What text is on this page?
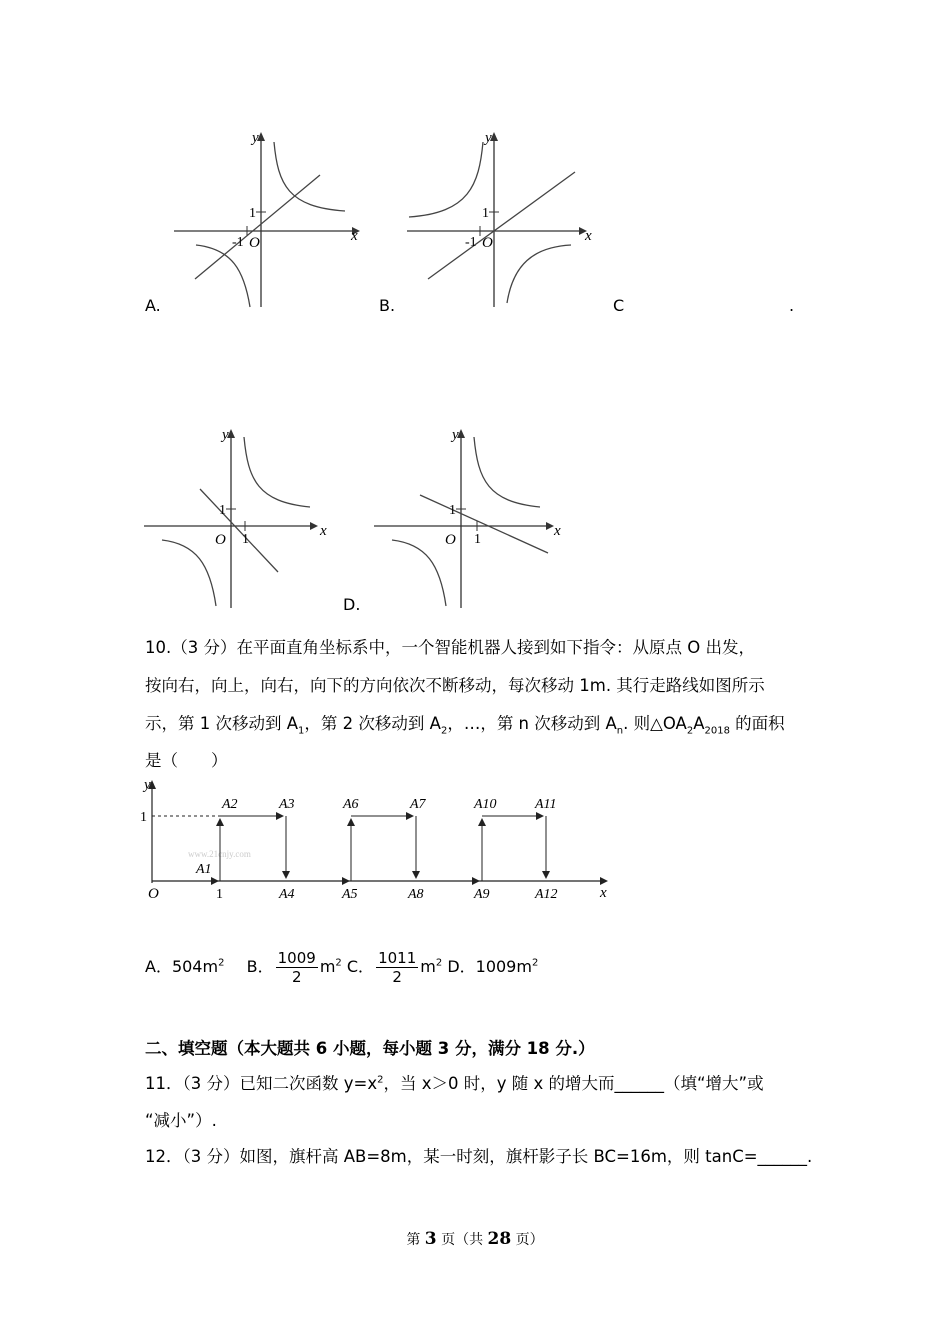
y
x
1
-1 O
y
x
1
-1 O
A.	B.	C	.
y
x
1
1
O
y
x
1
1
O
D.
10.（3 分）在平面直角坐标系中，一个智能机器人接到如下指令：从原点 O 出发，
按向右，向上，向右，向下的方向依次不断移动，每次移动 1m. 其行走路线如图所示
示，第 1 次移动到 $A_1$，第 2 次移动到 $A_2$，…，第 n 次移动到 $A_n$. 则$\triangle OA_2A_{2018}$ 的面积
是（　　）
www.21cnjy.com
y
x
1
O	1
A1
A2	A3
A4	A5
A6	A7
A8	A9
A10	A11
A12
A．$504m^2$ B． $\frac{1009}{2} m^2$ C． $\frac{1011}{2} m^2$ D．$1009m^2$
二、填空题（本大题共 6 小题，每小题 3 分，满分 18 分.）
11．（3 分）已知二次函数 $y=x^2$，当 x＞0 时，y 随 x 的增大而______（填“增大”或
“减小”）.
12．（3 分）如图，旗杆高 AB=8m，某一时刻，旗杆影子长 BC=16m，则 tanC=______.
第 3 页（共 28 页）
